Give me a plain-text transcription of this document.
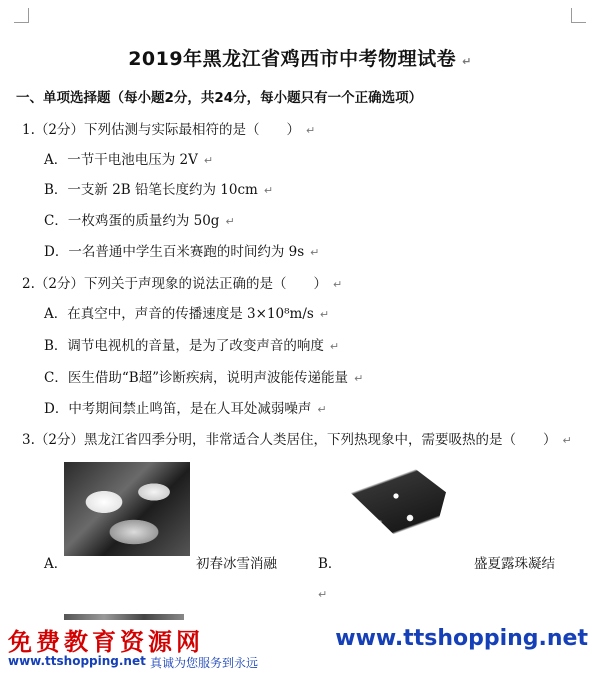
2019年黑龙江省鸡西市中考物理试卷 ↵
一、单项选择题（每小题2分，共24分，每小题只有一个正确选项）
1.（2分）下列估测与实际最相符的是（　　） ↵
A．一节干电池电压为 2V ↵
B．一支新 2B 铅笔长度约为 10cm ↵
C．一枚鸡蛋的质量约为 50g ↵
D．一名普通中学生百米赛跑的时间约为 9s ↵
2.（2分）下列关于声现象的说法正确的是（　　） ↵
A．在真空中，声音的传播速度是 3×10⁸m/s ↵
B．调节电视机的音量，是为了改变声音的响度 ↵
C．医生借助“B超”诊断疾病，说明声波能传递能量 ↵
D．中考期间禁止鸣笛，是在人耳处减弱噪声 ↵
3.（2分）黑龙江省四季分明，非常适合人类居住，下列热现象中，需要吸热的是（　　） ↵
A．	初春冰雪消融	B．	盛夏露珠凝结
↵
免费教育资源网	www.ttshopping.net
www.ttshopping.net 真诚为您服务到永远
